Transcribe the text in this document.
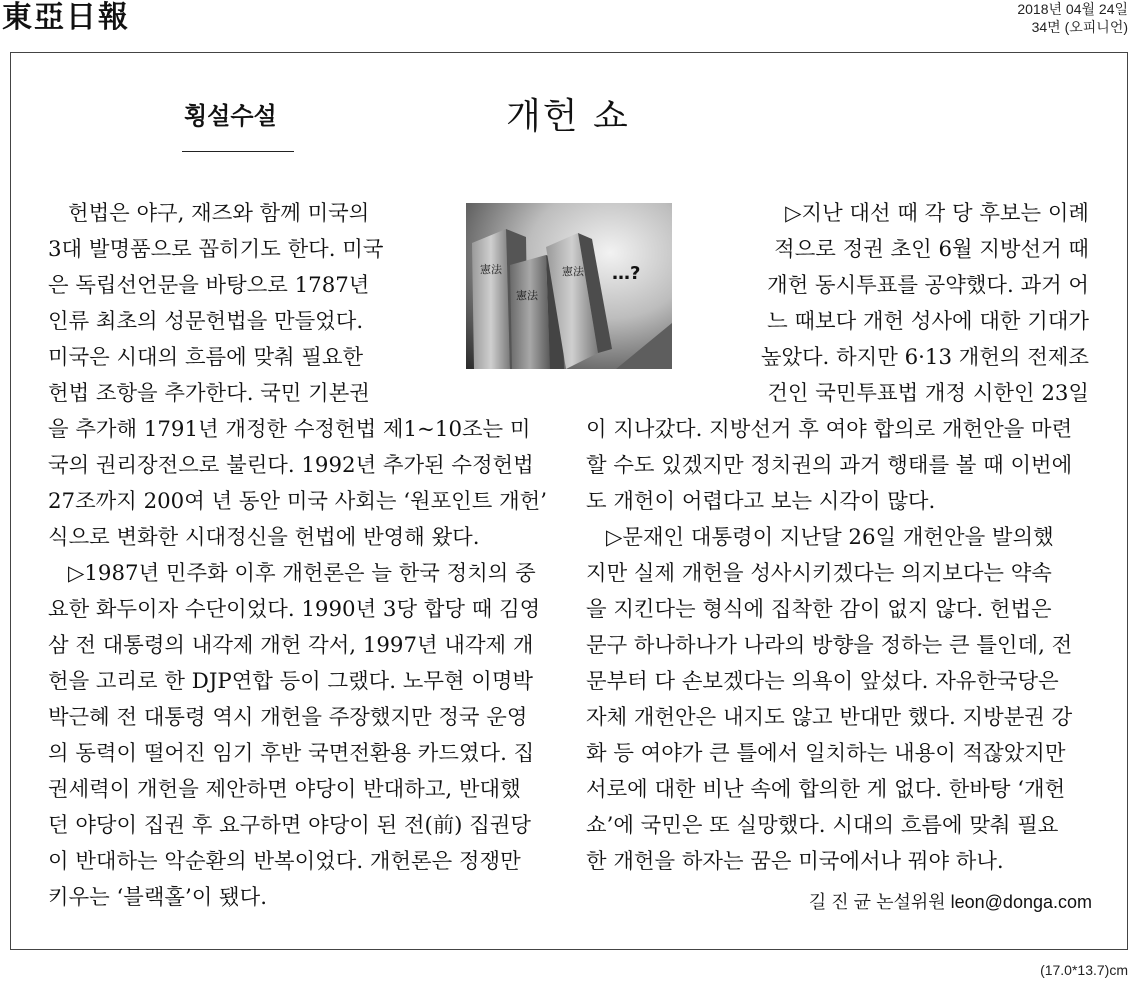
東亞日報	2018년 04월 24일
34면 (오피니언)
횡설수설	개헌 쇼
憲法
憲法
憲法 …?
헌법은 야구, 재즈와 함께 미국의
3대 발명품으로 꼽히기도 한다. 미국
은 독립선언문을 바탕으로 1787년
인류 최초의 성문헌법을 만들었다.
미국은 시대의 흐름에 맞춰 필요한
헌법 조항을 추가한다. 국민 기본권
을 추가해 1791년 개정한 수정헌법 제1~10조는 미
국의 권리장전으로 불린다. 1992년 추가된 수정헌법
27조까지 200여 년 동안 미국 사회는 ‘원포인트 개헌’
식으로 변화한 시대정신을 헌법에 반영해 왔다.
▷1987년 민주화 이후 개헌론은 늘 한국 정치의 중
요한 화두이자 수단이었다. 1990년 3당 합당 때 김영
삼 전 대통령의 내각제 개헌 각서, 1997년 내각제 개
헌을 고리로 한 DJP연합 등이 그랬다. 노무현 이명박
박근혜 전 대통령 역시 개헌을 주장했지만 정국 운영
의 동력이 떨어진 임기 후반 국면전환용 카드였다. 집
권세력이 개헌을 제안하면 야당이 반대하고, 반대했
던 야당이 집권 후 요구하면 야당이 된 전(前) 집권당
이 반대하는 악순환의 반복이었다. 개헌론은 정쟁만
키우는 ‘블랙홀’이 됐다.
▷지난 대선 때 각 당 후보는 이례
적으로 정권 초인 6월 지방선거 때
개헌 동시투표를 공약했다. 과거 어
느 때보다 개헌 성사에 대한 기대가
높았다. 하지만 6·13 개헌의 전제조
건인 국민투표법 개정 시한인 23일
이 지나갔다. 지방선거 후 여야 합의로 개헌안을 마련
할 수도 있겠지만 정치권의 과거 행태를 볼 때 이번에
도 개헌이 어렵다고 보는 시각이 많다.
▷문재인 대통령이 지난달 26일 개헌안을 발의했
지만 실제 개헌을 성사시키겠다는 의지보다는 약속
을 지킨다는 형식에 집착한 감이 없지 않다. 헌법은
문구 하나하나가 나라의 방향을 정하는 큰 틀인데, 전
문부터 다 손보겠다는 의욕이 앞섰다. 자유한국당은
자체 개헌안은 내지도 않고 반대만 했다. 지방분권 강
화 등 여야가 큰 틀에서 일치하는 내용이 적잖았지만
서로에 대한 비난 속에 합의한 게 없다. 한바탕 ‘개헌
쇼’에 국민은 또 실망했다. 시대의 흐름에 맞춰 필요
한 개헌을 하자는 꿈은 미국에서나 꿔야 하나.
길 진 균 논설위원 leon@donga.com
(17.0*13.7)cm
